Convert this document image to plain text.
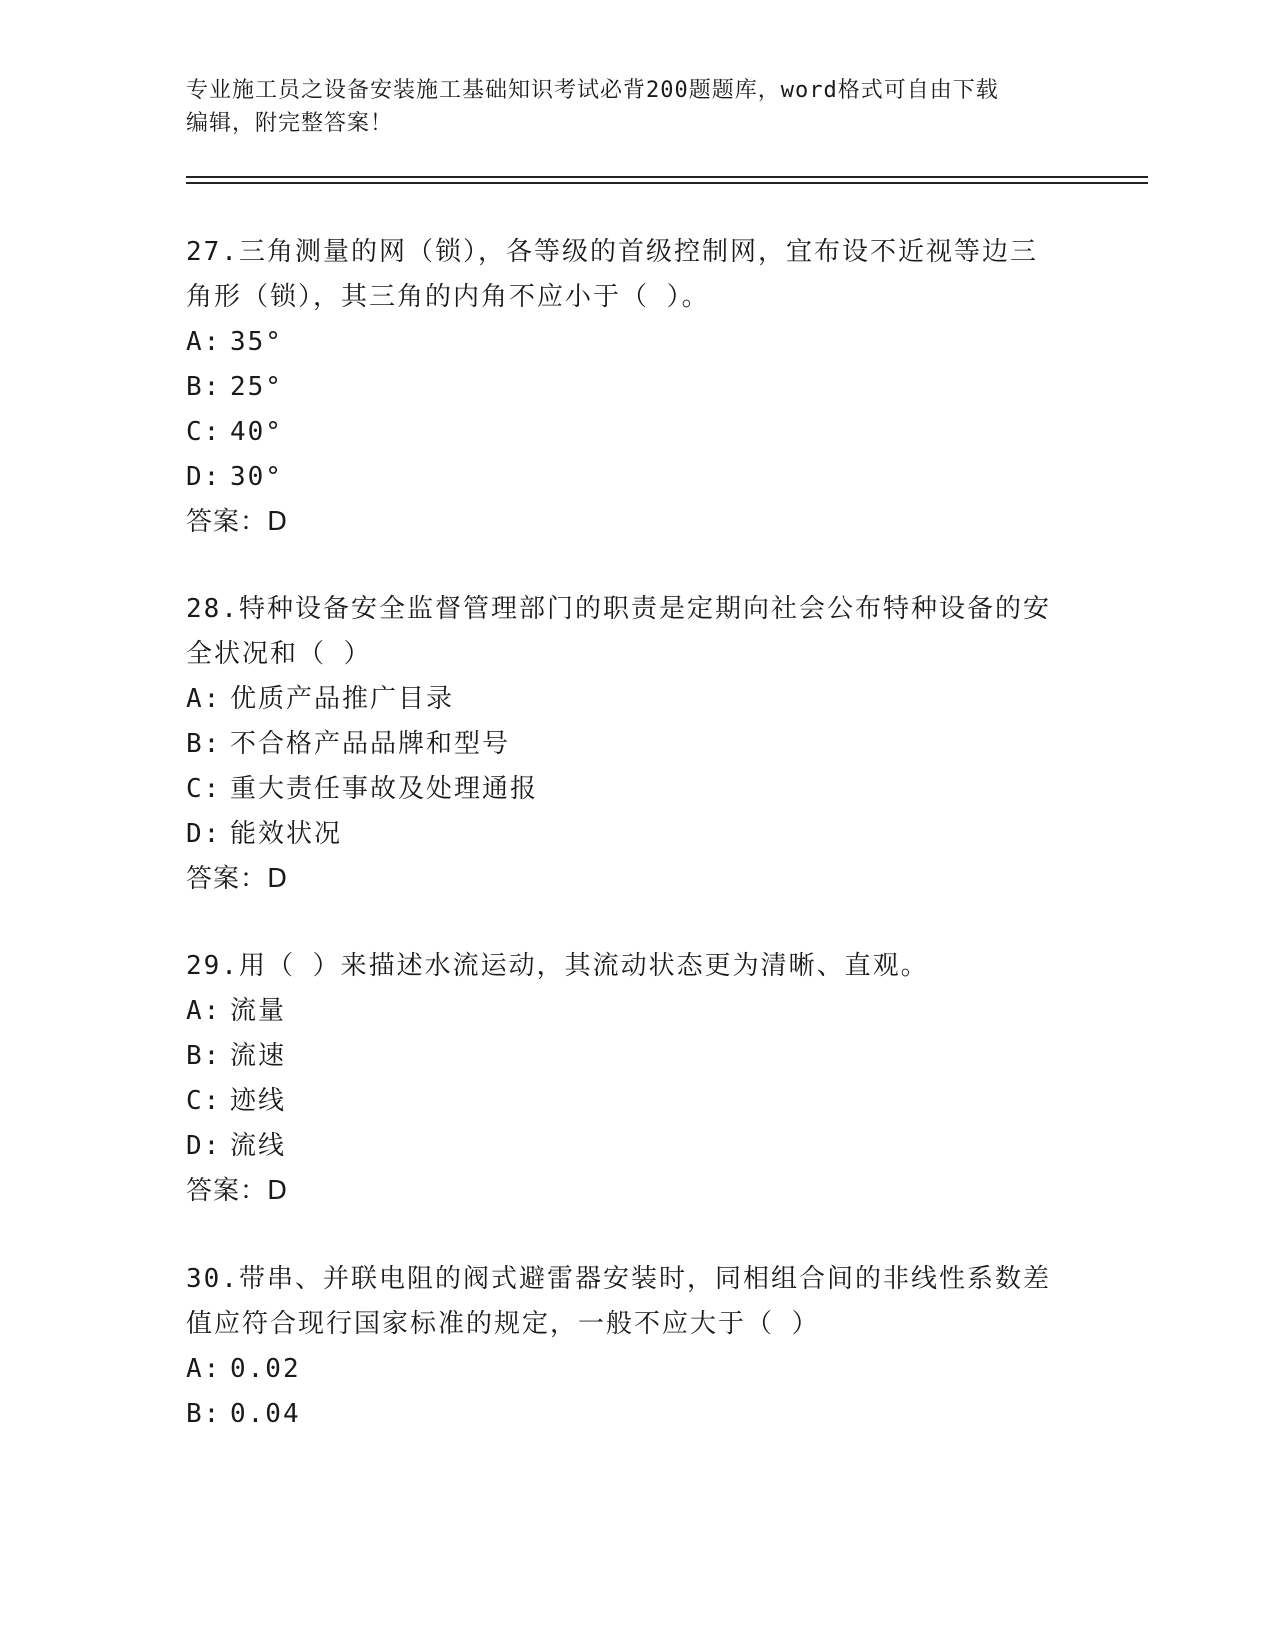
专业施工员之设备安装施工基础知识考试必背200题题库，word格式可自由下载
编辑，附完整答案！
27.三角测量的网（锁），各等级的首级控制网，宜布设不近视等边三
角形（锁），其三角的内角不应小于（ ）。
A: 35°
B: 25°
C: 40°
D: 30°
答案：D
28.特种设备安全监督管理部门的职责是定期向社会公布特种设备的安
全状况和（ ）
A: 优质产品推广目录
B: 不合格产品品牌和型号
C: 重大责任事故及处理通报
D: 能效状况
答案：D
29.用（ ）来描述水流运动，其流动状态更为清晰、直观。
A: 流量
B: 流速
C: 迹线
D: 流线
答案：D
30.带串、并联电阻的阀式避雷器安装时，同相组合间的非线性系数差
值应符合现行国家标准的规定，一般不应大于（ ）
A: 0.02
B: 0.04
